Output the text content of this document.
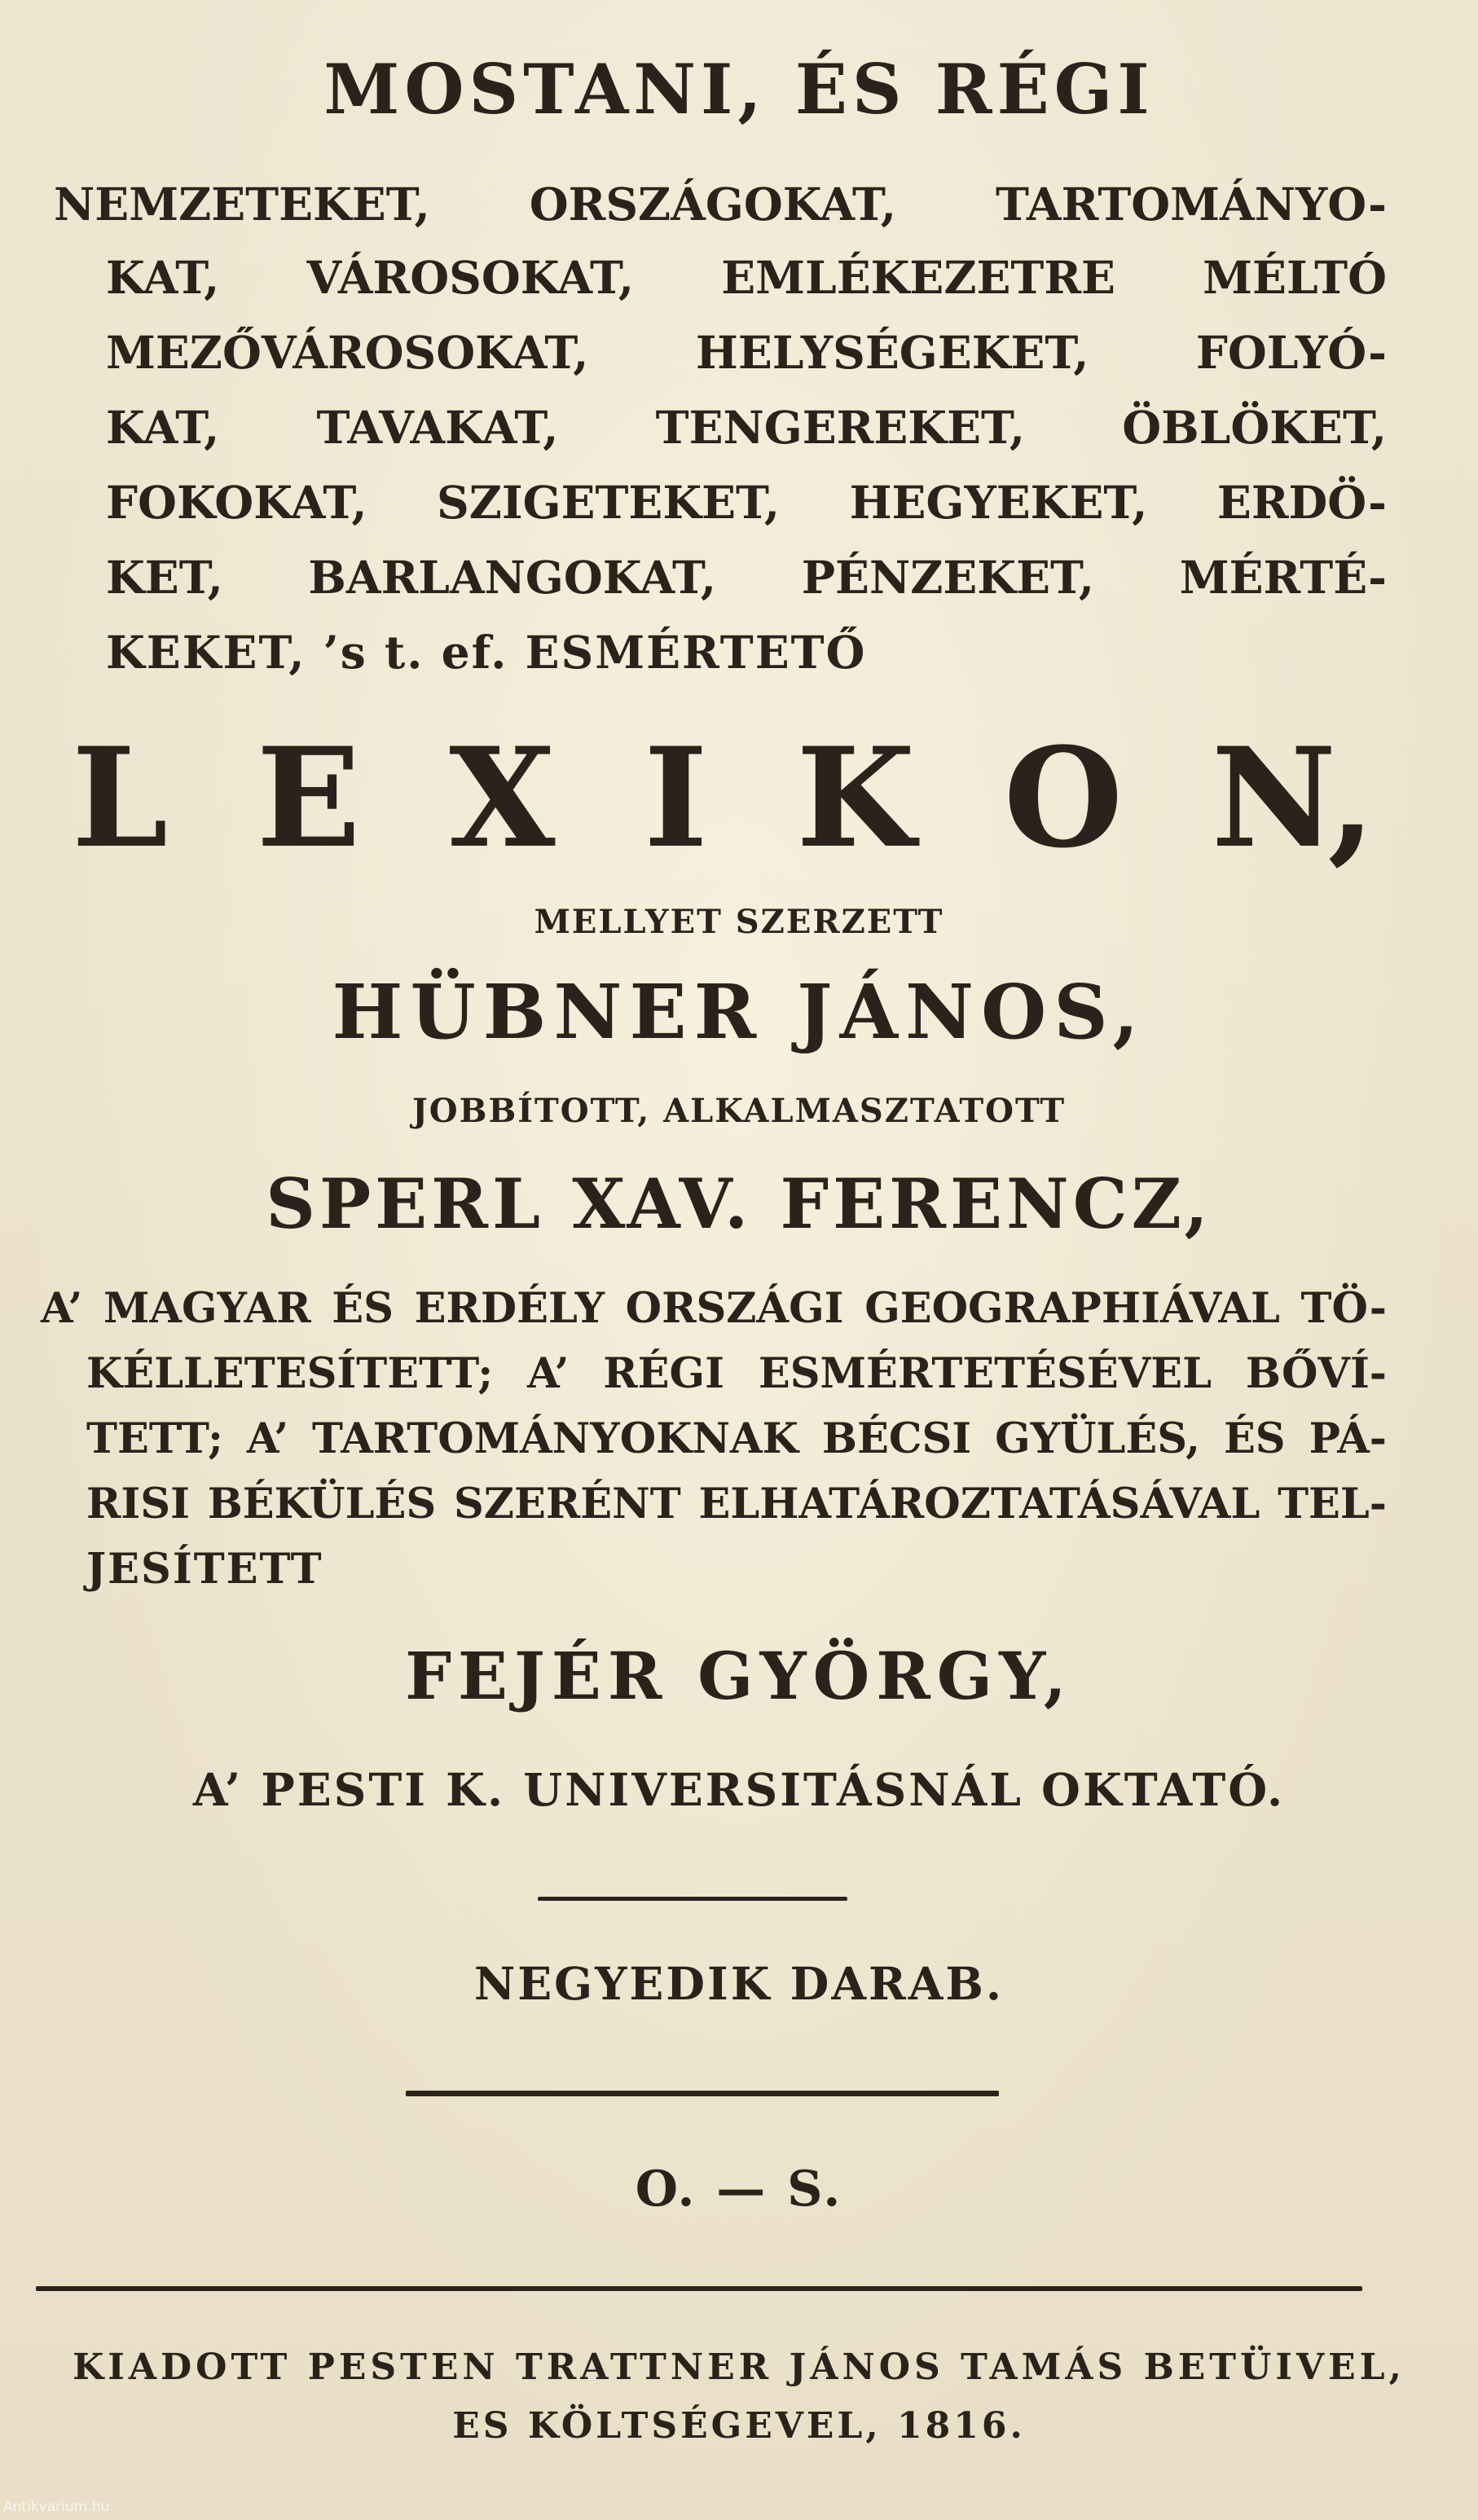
MOSTANI, ÉS RÉGI
NEMZETEKET, ORSZÁGOKAT, TARTOMÁNYO-
KAT, VÁROSOKAT, EMLÉKEZETRE MÉLTÓ
MEZŐVÁROSOKAT, HELYSÉGEKET, FOLYÓ-
KAT, TAVAKAT, TENGEREKET, ÖBLÖKET,
FOKOKAT, SZIGETEKET, HEGYEKET, ERDÖ-
KET, BARLANGOKAT, PÉNZEKET, MÉRTÉ-
KEKET, ’s t. ef. ESMÉRTETŐ
L E X I K O N,
MELLYET SZERZETT
HÜBNER JÁNOS,
JOBBÍTOTT, ALKALMASZTATOTT
SPERL XAV. FERENCZ,
A’ MAGYAR ÉS ERDÉLY ORSZÁGI GEOGRAPHIÁVAL TÖ-
KÉLLETESÍTETT; A’ RÉGI ESMÉRTETÉSÉVEL BŐVÍ-
TETT; A’ TARTOMÁNYOKNAK BÉCSI GYÜLÉS, ÉS PÁ-
RISI BÉKÜLÉS SZERÉNT ELHATÁROZTATÁSÁVAL TEL-
JESÍTETT
FEJÉR GYÖRGY,
A’ PESTI K. UNIVERSITÁSNÁL OKTATÓ.
NEGYEDIK DARAB.
O. — S.
KIADOTT PESTEN TRATTNER JÁNOS TAMÁS BETÜIVEL,
ES KÖLTSÉGEVEL, 1816.
Antikvarium.hu
